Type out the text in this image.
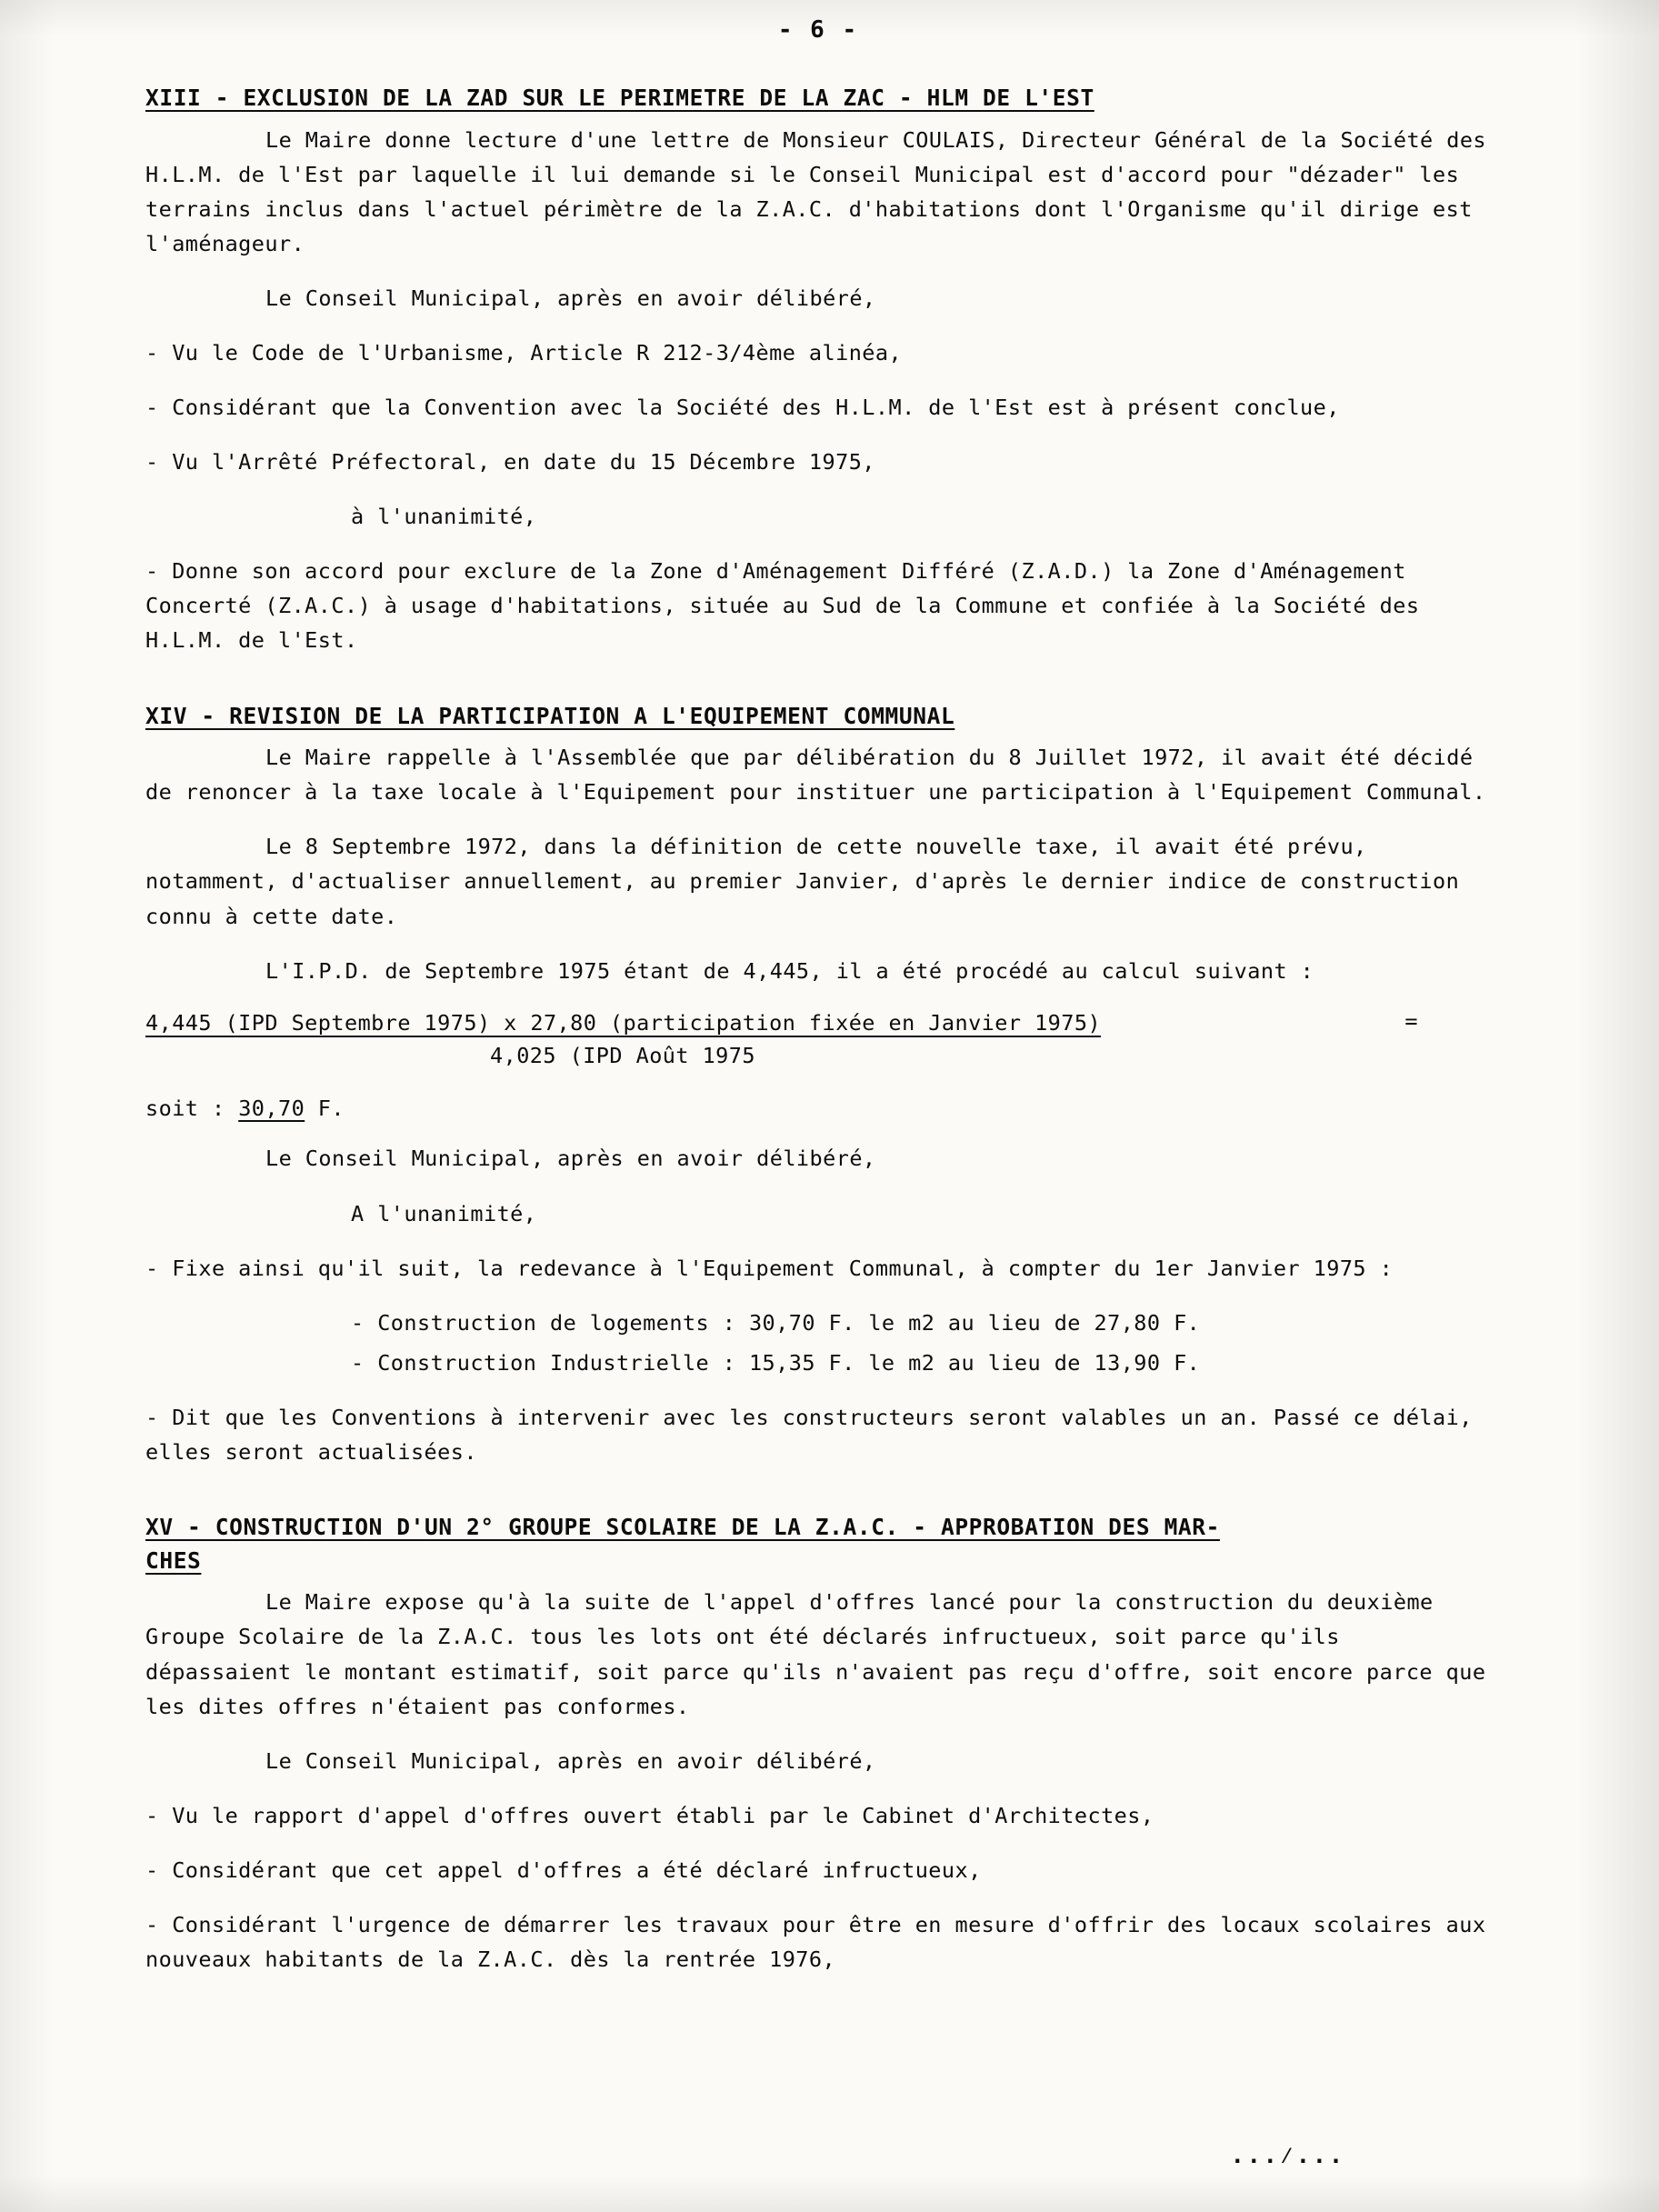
- 6 -
XIII - EXCLUSION DE LA ZAD SUR LE PERIMETRE DE LA ZAC - HLM DE L'EST

Le Maire donne lecture d'une lettre de Monsieur COULAIS, Directeur Général de la Société des H.L.M. de l'Est par laquelle il lui demande si le Conseil Municipal est d'accord pour "dézader" les terrains inclus dans l'actuel périmètre de la Z.A.C. d'habitations dont l'Organisme qu'il dirige est l'aménageur.

Le Conseil Municipal, après en avoir délibéré,

- Vu le Code de l'Urbanisme, Article R 212-3/4ème alinéa,

- Considérant que la Convention avec la Société des H.L.M. de l'Est est à présent conclue,

- Vu l'Arrêté Préfectoral, en date du 15 Décembre 1975,

à l'unanimité,

- Donne son accord pour exclure de la Zone d'Aménagement Différé (Z.A.D.) la Zone d'Aménagement Concerté (Z.A.C.) à usage d'habitations, située au Sud de la Commune et confiée à la Société des H.L.M. de l'Est.

XIV - REVISION DE LA PARTICIPATION A L'EQUIPEMENT COMMUNAL

Le Maire rappelle à l'Assemblée que par délibération du 8 Juillet 1972, il avait été décidé de renoncer à la taxe locale à l'Equipement pour instituer une participation à l'Equipement Communal.

Le 8 Septembre 1972, dans la définition de cette nouvelle taxe, il avait été prévu, notamment, d'actualiser annuellement, au premier Janvier, d'après le dernier indice de construction connu à cette date.

L'I.P.D. de Septembre 1975 étant de 4,445, il a été procédé au calcul suivant :

=
4,445 (IPD Septembre 1975) x 27,80 (participation fixée en Janvier 1975)
4,025 (IPD Août 1975
soit : 30,70 F.

Le Conseil Municipal, après en avoir délibéré,

A l'unanimité,

- Fixe ainsi qu'il suit, la redevance à l'Equipement Communal, à compter du 1er Janvier 1975 :

- Construction de logements : 30,70 F. le m2 au lieu de 27,80 F.

- Construction Industrielle : 15,35 F. le m2 au lieu de 13,90 F.

- Dit que les Conventions à intervenir avec les constructeurs seront valables un an. Passé ce délai, elles seront actualisées.

XV - CONSTRUCTION D'UN 2° GROUPE SCOLAIRE DE LA Z.A.C. - APPROBATION DES MAR-
CHES

Le Maire expose qu'à la suite de l'appel d'offres lancé pour la construction du deuxième Groupe Scolaire de la Z.A.C. tous les lots ont été déclarés infructueux, soit parce qu'ils dépassaient le montant estimatif, soit parce qu'ils n'avaient pas reçu d'offre, soit encore parce que les dites offres n'étaient pas conformes.

Le Conseil Municipal, après en avoir délibéré,

- Vu le rapport d'appel d'offres ouvert établi par le Cabinet d'Architectes,

- Considérant que cet appel d'offres a été déclaré infructueux,

- Considérant l'urgence de démarrer les travaux pour être en mesure d'offrir des locaux scolaires aux nouveaux habitants de la Z.A.C. dès la rentrée 1976,

...⁄...
